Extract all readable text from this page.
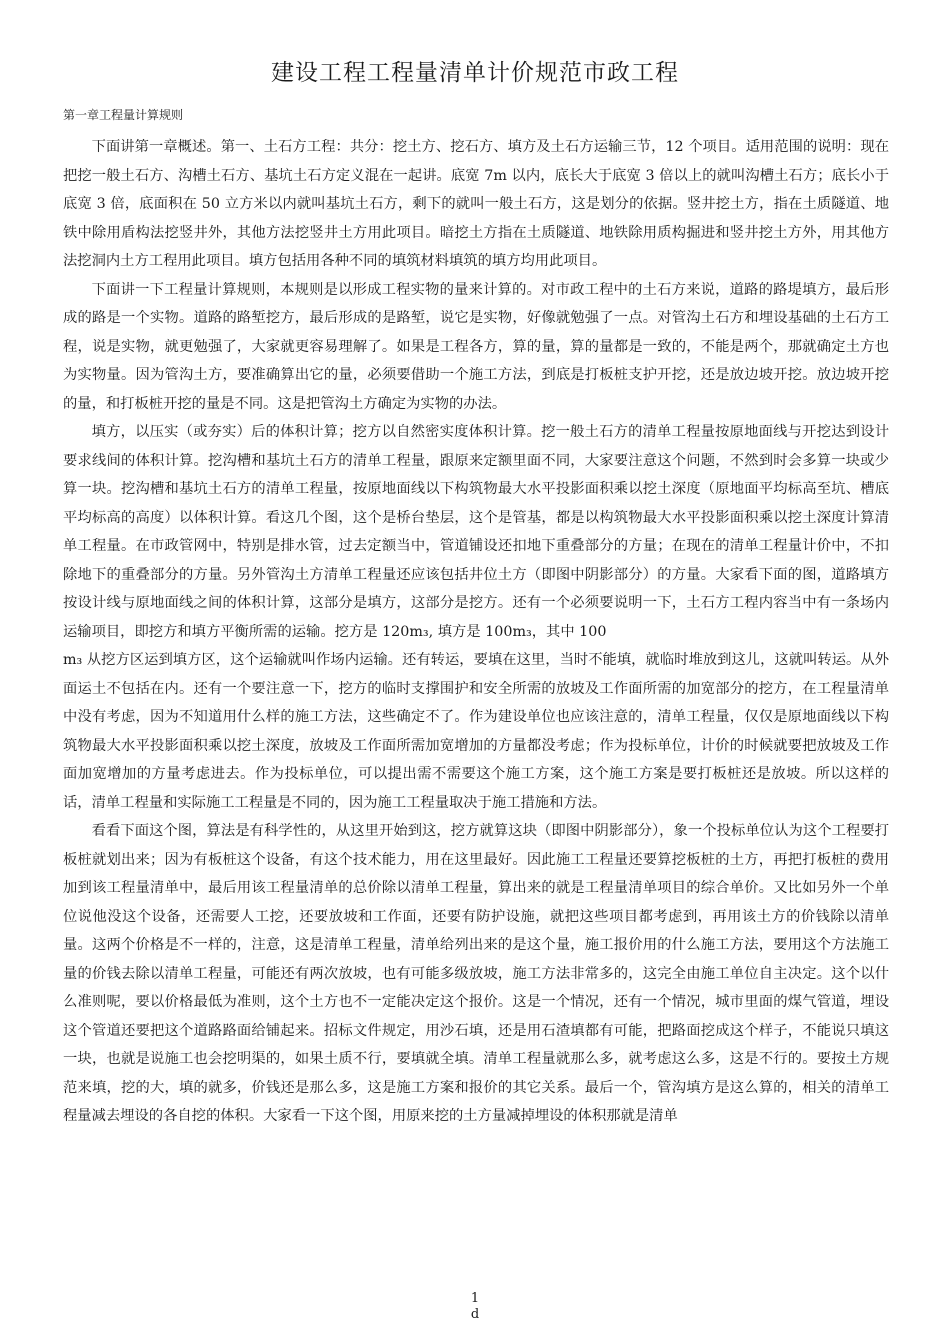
建设工程工程量清单计价规范市政工程

第一章工程量计算规则

下面讲第一章概述。第一、土石方工程：共分：挖土方、挖石方、填方及土石方运输三节，12 个项目。适用范围的说明：现在把挖一般土石方、沟槽土石方、基坑土石方定义混在一起讲。底宽 7m 以内，底长大于底宽 3 倍以上的就叫沟槽土石方；底长小于底宽 3 倍，底面积在 50 立方米以内就叫基坑土石方，剩下的就叫一般土石方，这是划分的依据。竖井挖土方，指在土质隧道、地铁中除用盾构法挖竖井外，其他方法挖竖井土方用此项目。暗挖土方指在土质隧道、地铁除用质构掘进和竖井挖土方外，用其他方法挖洞内土方工程用此项目。填方包括用各种不同的填筑材料填筑的填方均用此项目。

下面讲一下工程量计算规则，本规则是以形成工程实物的量来计算的。对市政工程中的土石方来说，道路的路堤填方，最后形成的路是一个实物。道路的路堑挖方，最后形成的是路堑，说它是实物，好像就勉强了一点。对管沟土石方和埋设基础的土石方工程，说是实物，就更勉强了，大家就更容易理解了。如果是工程各方，算的量，算的量都是一致的，不能是两个，那就确定土方也为实物量。因为管沟土方，要准确算出它的量，必须要借助一个施工方法，到底是打板桩支护开挖，还是放边坡开挖。放边坡开挖的量，和打板桩开挖的量是不同。这是把管沟土方确定为实物的办法。

填方，以压实（或夯实）后的体积计算；挖方以自然密实度体积计算。挖一般土石方的清单工程量按原地面线与开挖达到设计要求线间的体积计算。挖沟槽和基坑土石方的清单工程量，跟原来定额里面不同，大家要注意这个问题，不然到时会多算一块或少算一块。挖沟槽和基坑土石方的清单工程量，按原地面线以下构筑物最大水平投影面积乘以挖土深度（原地面平均标高至坑、槽底平均标高的高度）以体积计算。看这几个图，这个是桥台垫层，这个是管基，都是以构筑物最大水平投影面积乘以挖土深度计算清单工程量。在市政管网中，特别是排水管，过去定额当中，管道铺设还扣地下重叠部分的方量；在现在的清单工程量计价中，不扣除地下的重叠部分的方量。另外管沟土方清单工程量还应该包括井位土方（即图中阴影部分）的方量。大家看下面的图，道路填方按设计线与原地面线之间的体积计算，这部分是填方，这部分是挖方。还有一个必须要说明一下，土石方工程内容当中有一条场内运输项目，即挖方和填方平衡所需的运输。挖方是 120m₃, 填方是 100m₃，其中 100

m₃ 从挖方区运到填方区，这个运输就叫作场内运输。还有转运，要填在这里，当时不能填，就临时堆放到这儿，这就叫转运。从外面运土不包括在内。还有一个要注意一下，挖方的临时支撑围护和安全所需的放坡及工作面所需的加宽部分的挖方，在工程量清单中没有考虑，因为不知道用什么样的施工方法，这些确定不了。作为建设单位也应该注意的，清单工程量，仅仅是原地面线以下构筑物最大水平投影面积乘以挖土深度，放坡及工作面所需加宽增加的方量都没考虑；作为投标单位，计价的时候就要把放坡及工作面加宽增加的方量考虑进去。作为投标单位，可以提出需不需要这个施工方案，这个施工方案是要打板桩还是放坡。所以这样的话，清单工程量和实际施工工程量是不同的，因为施工工程量取决于施工措施和方法。

看看下面这个图，算法是有科学性的，从这里开始到这，挖方就算这块（即图中阴影部分），象一个投标单位认为这个工程要打板桩就划出来；因为有板桩这个设备，有这个技术能力，用在这里最好。因此施工工程量还要算挖板桩的土方，再把打板桩的费用加到该工程量清单中，最后用该工程量清单的总价除以清单工程量，算出来的就是工程量清单项目的综合单价。又比如另外一个单位说他没这个设备，还需要人工挖，还要放坡和工作面，还要有防护设施，就把这些项目都考虑到，再用该土方的价钱除以清单量。这两个价格是不一样的，注意，这是清单工程量，清单给列出来的是这个量，施工报价用的什么施工方法，要用这个方法施工量的价钱去除以清单工程量，可能还有两次放坡，也有可能多级放坡，施工方法非常多的，这完全由施工单位自主决定。这个以什么准则呢，要以价格最低为准则，这个土方也不一定能决定这个报价。这是一个情况，还有一个情况，城市里面的煤气管道，埋设这个管道还要把这个道路路面给铺起来。招标文件规定，用沙石填，还是用石渣填都有可能，把路面挖成这个样子，不能说只填这一块，也就是说施工也会挖明渠的，如果土质不行，要填就全填。清单工程量就那么多，就考虑这么多，这是不行的。要按土方规范来填，挖的大，填的就多，价钱还是那么多，这是施工方案和报价的其它关系。最后一个，管沟填方是这么算的，相关的清单工程量减去埋设的各自挖的体积。大家看一下这个图，用原来挖的土方量减掉埋设的体积那就是清单

1
d
